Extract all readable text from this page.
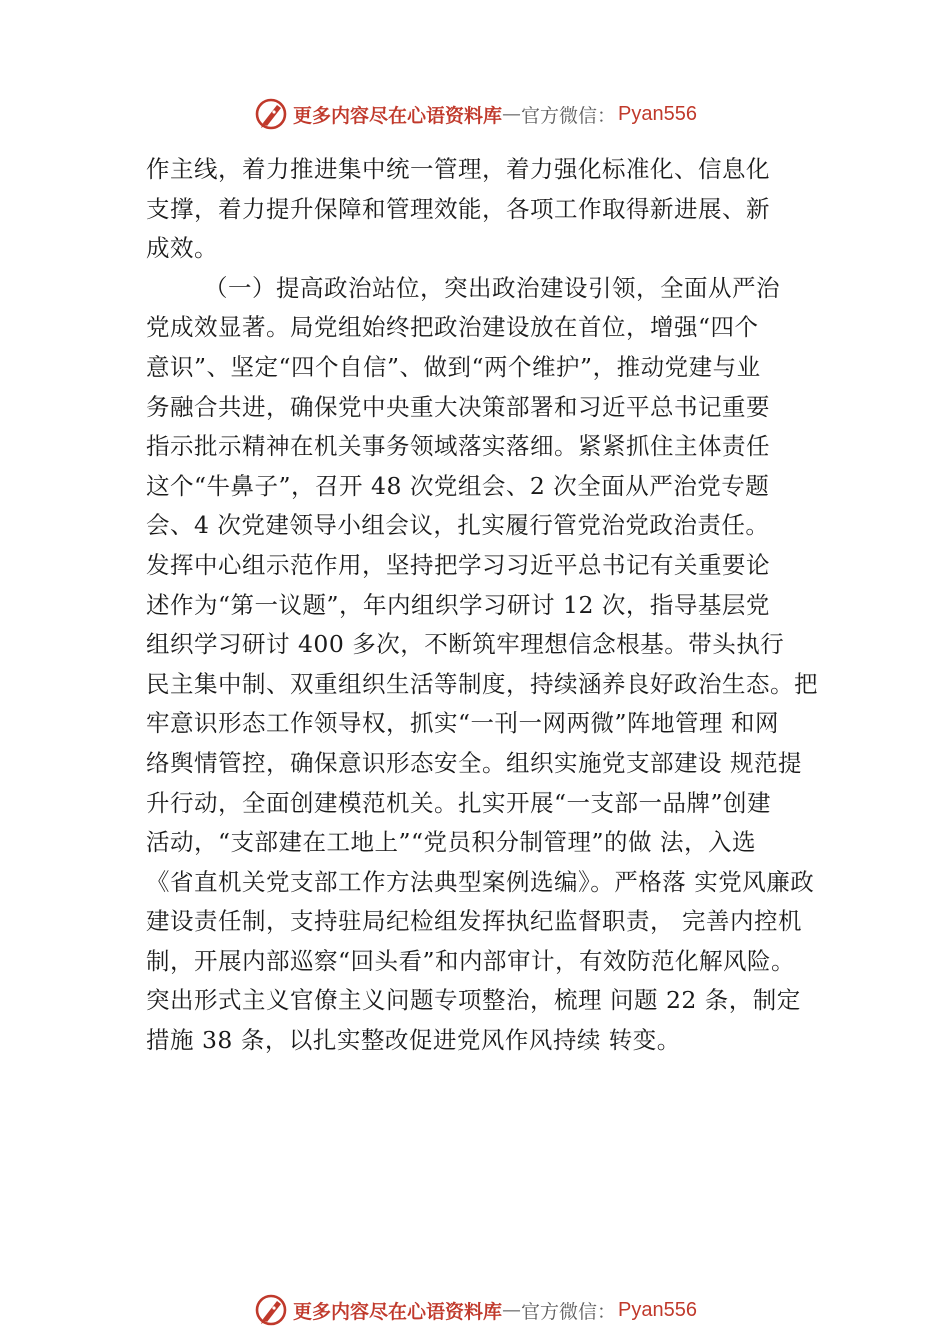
更多内容尽在心语资料库 — 官方微信： Pyan556
作主线，着力推进集中统一管理，着力强化标准化、信息化
支撑，着力提升保障和管理效能，各项工作取得新进展、新
成效。
（一）提高政治站位，突出政治建设引领，全面从严治
党成效显著。局党组始终把政治建设放在首位，增强“四个
意识”、坚定“四个自信”、做到“两个维护”，推动党建与业
务融合共进，确保党中央重大决策部署和习近平总书记重要
指示批示精神在机关事务领域落实落细。紧紧抓住主体责任
这个“牛鼻子”，召开 48 次党组会、2 次全面从严治党专题
会、4 次党建领导小组会议，扎实履行管党治党政治责任。
发挥中心组示范作用，坚持把学习习近平总书记有关重要论
述作为“第一议题”，年内组织学习研讨 12 次，指导基层党
组织学习研讨 400 多次，不断筑牢理想信念根基。带头执行
民主集中制、双重组织生活等制度，持续涵养良好政治生态。把
牢意识形态工作领导权，抓实“一刊一网两微”阵地管理 和网
络舆情管控，确保意识形态安全。组织实施党支部建设 规范提
升行动，全面创建模范机关。扎实开展“一支部一品牌”创建
活动，“支部建在工地上”“党员积分制管理”的做 法，入选
《省直机关党支部工作方法典型案例选编》。严格落 实党风廉政
建设责任制，支持驻局纪检组发挥执纪监督职责， 完善内控机
制，开展内部巡察“回头看”和内部审计，有效防范化解风险。
突出形式主义官僚主义问题专项整治，梳理 问题 22 条，制定
措施 38 条，以扎实整改促进党风作风持续 转变。
更多内容尽在心语资料库 — 官方微信： Pyan556
